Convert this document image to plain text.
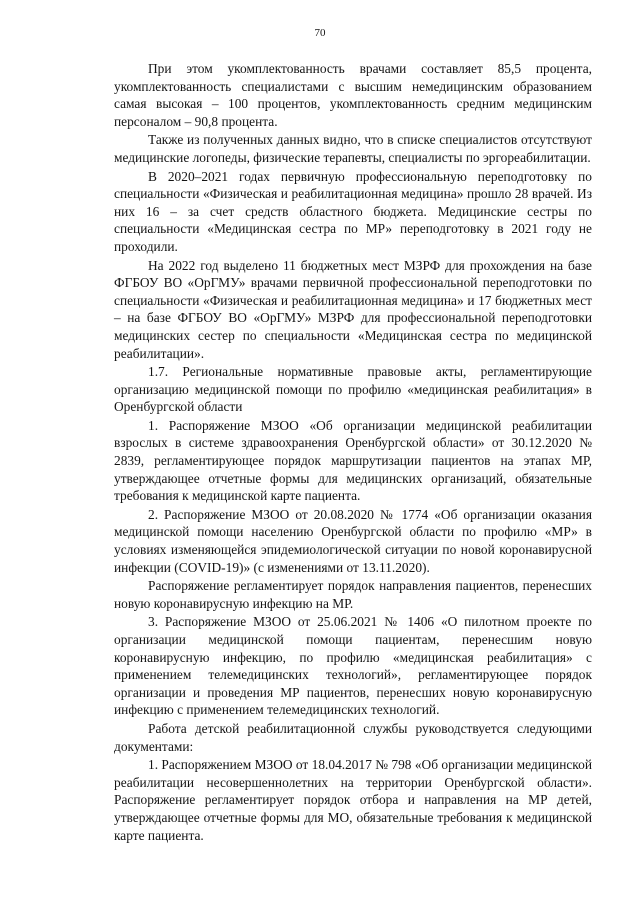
70

При этом укомплектованность врачами составляет 85,5 процента, укомплектованность специалистами с высшим немедицинским образованием самая высокая – 100 процентов, укомплектованность средним медицинским персоналом – 90,8 процента.

Также из полученных данных видно, что в списке специалистов отсутствуют медицинские логопеды, физические терапевты, специалисты по эргореабилитации.

В 2020–2021 годах первичную профессиональную переподготовку по специальности «Физическая и реабилитационная медицина» прошло 28 врачей. Из них 16 – за счет средств областного бюджета. Медицинские сестры по специальности «Медицинская сестра по МР» переподготовку в 2021 году не проходили.

На 2022 год выделено 11 бюджетных мест МЗРФ для прохождения на базе ФГБОУ ВО «ОрГМУ» врачами первичной профессиональной переподготовки по специальности «Физическая и реабилитационная медицина» и 17 бюджетных мест – на базе ФГБОУ ВО «ОрГМУ» МЗРФ для профессиональной переподготовки медицинских сестер по специальности «Медицинская сестра по медицинской реабилитации».

1.7. Региональные нормативные правовые акты, регламентирующие организацию медицинской помощи по профилю «медицинская реабилитация» в Оренбургской области

1. Распоряжение МЗОО «Об организации медицинской реабилитации взрослых в системе здравоохранения Оренбургской области» от 30.12.2020 № 2839, регламентирующее порядок маршрутизации пациентов на этапах МР, утверждающее отчетные формы для медицинских организаций, обязательные требования к медицинской карте пациента.

2. Распоряжение МЗОО от 20.08.2020 № 1774 «Об организации оказания медицинской помощи населению Оренбургской области по профилю «МР» в условиях изменяющейся эпидемиологической ситуации по новой коронавирусной инфекции (COVID-19)» (с изменениями от 13.11.2020).

Распоряжение регламентирует порядок направления пациентов, перенесших новую коронавирусную инфекцию на МР.

3. Распоряжение МЗОО от 25.06.2021 № 1406 «О пилотном проекте по организации медицинской помощи пациентам, перенесшим новую коронавирусную инфекцию, по профилю «медицинская реабилитация» с применением телемедицинских технологий», регламентирующее порядок организации и проведения МР пациентов, перенесших новую коронавирусную инфекцию с применением телемедицинских технологий.

Работа детской реабилитационной службы руководствуется следующими документами:

1. Распоряжением МЗОО от 18.04.2017 № 798 «Об организации медицинской реабилитации несовершеннолетних на территории Оренбургской области». Распоряжение регламентирует порядок отбора и направления на МР детей, утверждающее отчетные формы для МО, обязательные требования к медицинской карте пациента.
